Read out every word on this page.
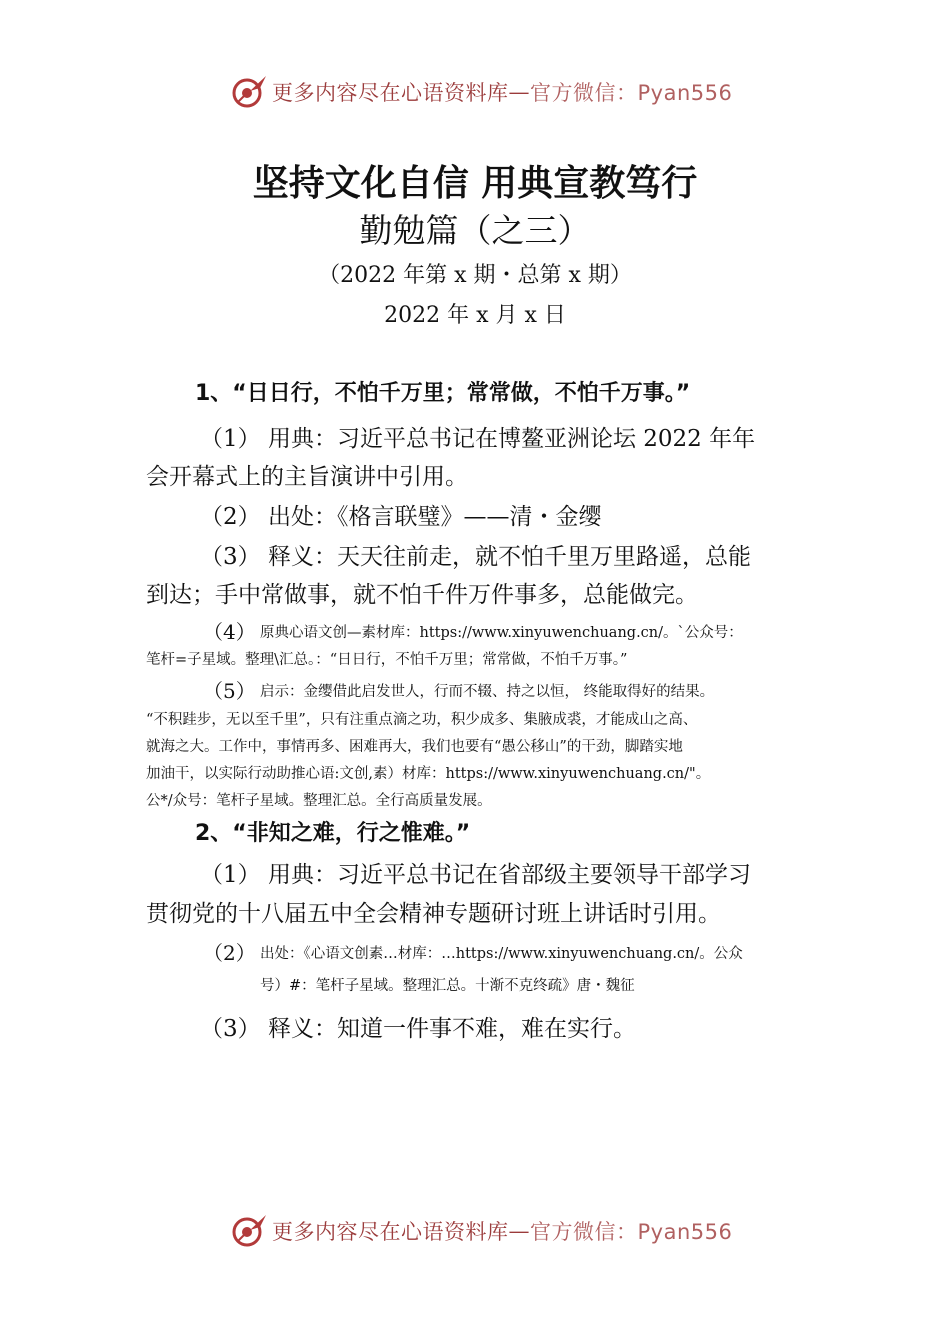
更多内容尽在心语资料库 — 官方微信：Pyan556
坚持文化自信 用典宣教笃行
勤勉篇（之三）
（2022 年第 x 期・总第 x 期）
2022 年 x 月 x 日
1、“日日行，不怕千万里；常常做，不怕千万事。”
（1） 用典：习近平总书记在博鳌亚洲论坛 2022 年年
会开幕式上的主旨演讲中引用。
（2） 出处：《格言联璧》——清・金缨
（3） 释义：天天往前走，就不怕千里万里路遥，总能
到达；手中常做事，就不怕千件万件事多，总能做完。
（4） 原典心语文创—素材库：https://www.xinyuwenchuang.cn/。`公众号：
笔杆=子星域。整理\汇总。：“日日行，不怕千万里；常常做，不怕千万事。”
（5） 启示：金缨借此启发世人，行而不辍、持之以恒， 终能取得好的结果。
“不积跬步，无以至千里”，只有注重点滴之功，积少成多、集腋成裘，才能成山之高、
就海之大。工作中，事情再多、困难再大，我们也要有“愚公移山”的干劲，脚踏实地
加油干，以实际行动助推心语:文创,素）材库：https://www.xinyuwenchuang.cn/"。
公*/众号：笔杆子星域。整理汇总。全行高质量发展。
2、“非知之难，行之惟难。”
（1） 用典：习近平总书记在省部级主要领导干部学习
贯彻党的十八届五中全会精神专题研讨班上讲话时引用。
（2） 出处：《心语文创素…材库：…https://www.xinyuwenchuang.cn/。公众
号）#：笔杆子星域。整理汇总。十渐不克终疏》唐・魏征
（3） 释义：知道一件事不难，难在实行。
更多内容尽在心语资料库 — 官方微信：Pyan556
